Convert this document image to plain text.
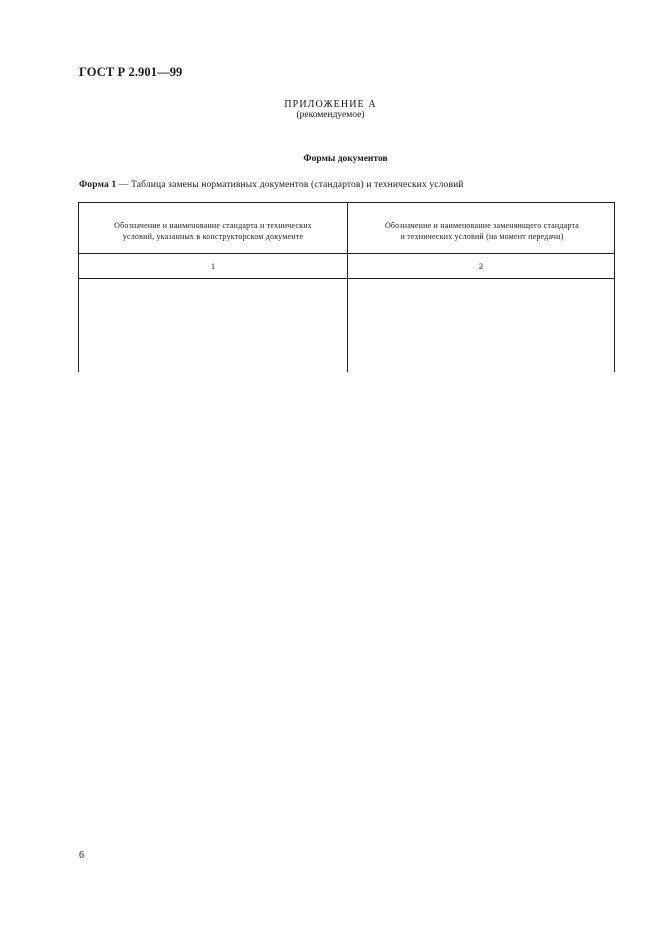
ГОСТ Р 2.901—99
ПРИЛОЖЕНИЕ А
(рекомендуемое)
Формы документов
Форма 1 — Таблица замены нормативных документов (стандартов) и технических условий
Обозначение и наименование стандарта и технических
условий, указанных в конструкторском документе
Обозначение и наименование заменяющего стандарта
и технических условий (на момент передачи)
1	2
6
